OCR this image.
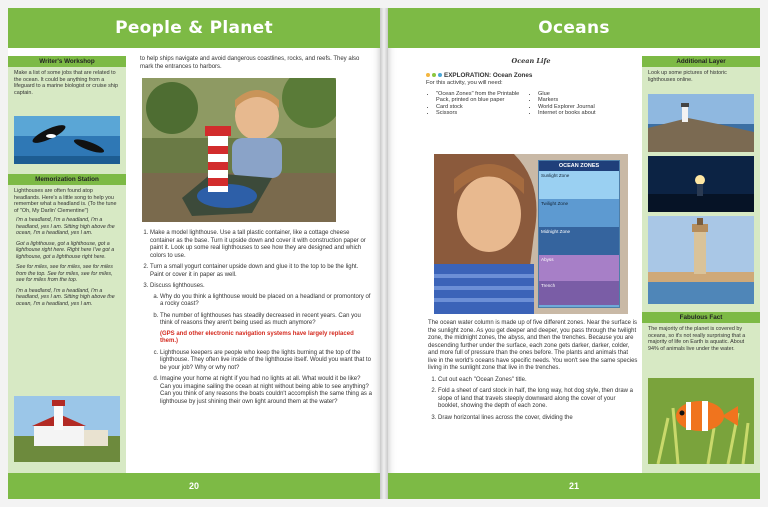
People & Planet
Writer's Workshop
Make a list of some jobs that are related to the ocean. It could be anything from a lifeguard to a marine biologist or cruise ship captain.
Memorization Station
Lighthouses are often found atop headlands. Here's a little song to help you remember what a headland is. (To the tune of "Oh, My Darlin' Clementine")

I'm a headland, I'm a headland, I'm a headland, yes I am. Sitting high above the ocean, I'm a headland, yes I am.

Got a lighthouse, got a lighthouse, got a lighthouse right here. Right here I've got a lighthouse, got a lighthouse right here.

See for miles, see for miles, see for miles from the top. See for miles, see for miles, see for miles from the top.

I'm a headland, I'm a headland, I'm a headland, yes I am. Sitting high above the ocean, I'm a headland, yes I am.

to help ships navigate and avoid dangerous coastlines, rocks, and reefs. They also mark the entrances to harbors.

1. Make a model lighthouse. Use a tall plastic container, like a cottage cheese container as the base. Turn it upside down and cover it with construction paper or paint it. Look up some real lighthouses to see how they are designed and which colors to use.
2. Turn a small yogurt container upside down and glue it to the top to be the light. Paint or cover it in paper as well.
3. Discuss lighthouses.
a. Why do you think a lighthouse would be placed on a headland or promontory of a rocky coast?
b. The number of lighthouses has steadily decreased in recent years. Can you think of reasons they aren't being used as much anymore?
(GPS and other electronic navigation systems have largely replaced them.)
c. Lighthouse keepers are people who keep the lights burning at the top of the lighthouse. They often live inside of the lighthouse itself. Would you want that to be your job? Why or why not?
d. Imagine your home at night if you had no lights at all. What would it be like? Can you imagine sailing the ocean at night without being able to see anything? Can you think of any reasons the boats couldn't accomplish the same thing as a lighthouse by just shining their own light around them at the water?
20
Oceans
Ocean Life
EXPLORATION: Ocean Zones
For this activity, you will need:
• "Ocean Zones" from the Printable Pack, printed on blue paper
• Card stock
• Scissors
• Glue
• Markers
• World Explorer Journal
• Internet or books about
OCEAN ZONES
Sunlight Zone
Twilight Zone
Midnight Zone
Abyss
Trench

The ocean water column is made up of five different zones. Near the surface is the sunlight zone. As you get deeper and deeper, you pass through the twilight zone, the midnight zones, the abyss, and then the trenches. Because you are descending further under the surface, each zone gets darker, darker, colder, and more full of pressure than the ones before. The plants and animals that live in the world's oceans have specific needs. You won't see the same species living in the sunlight zone that live in the trenches.

1. Cut out each "Ocean Zones" title.
2. Fold a sheet of card stock in half, the long way, hot dog style, then draw a slope of land that travels steeply downward along the cover of your booklet, showing the depth of each zone.
3. Draw horizontal lines across the cover, dividing the
Additional Layer
Look up some pictures of historic lighthouses online.
Fabulous Fact
The majority of the planet is covered by oceans, so it's not really surprising that a majority of life on Earth is aquatic. About 94% of animals live under the water.
21
